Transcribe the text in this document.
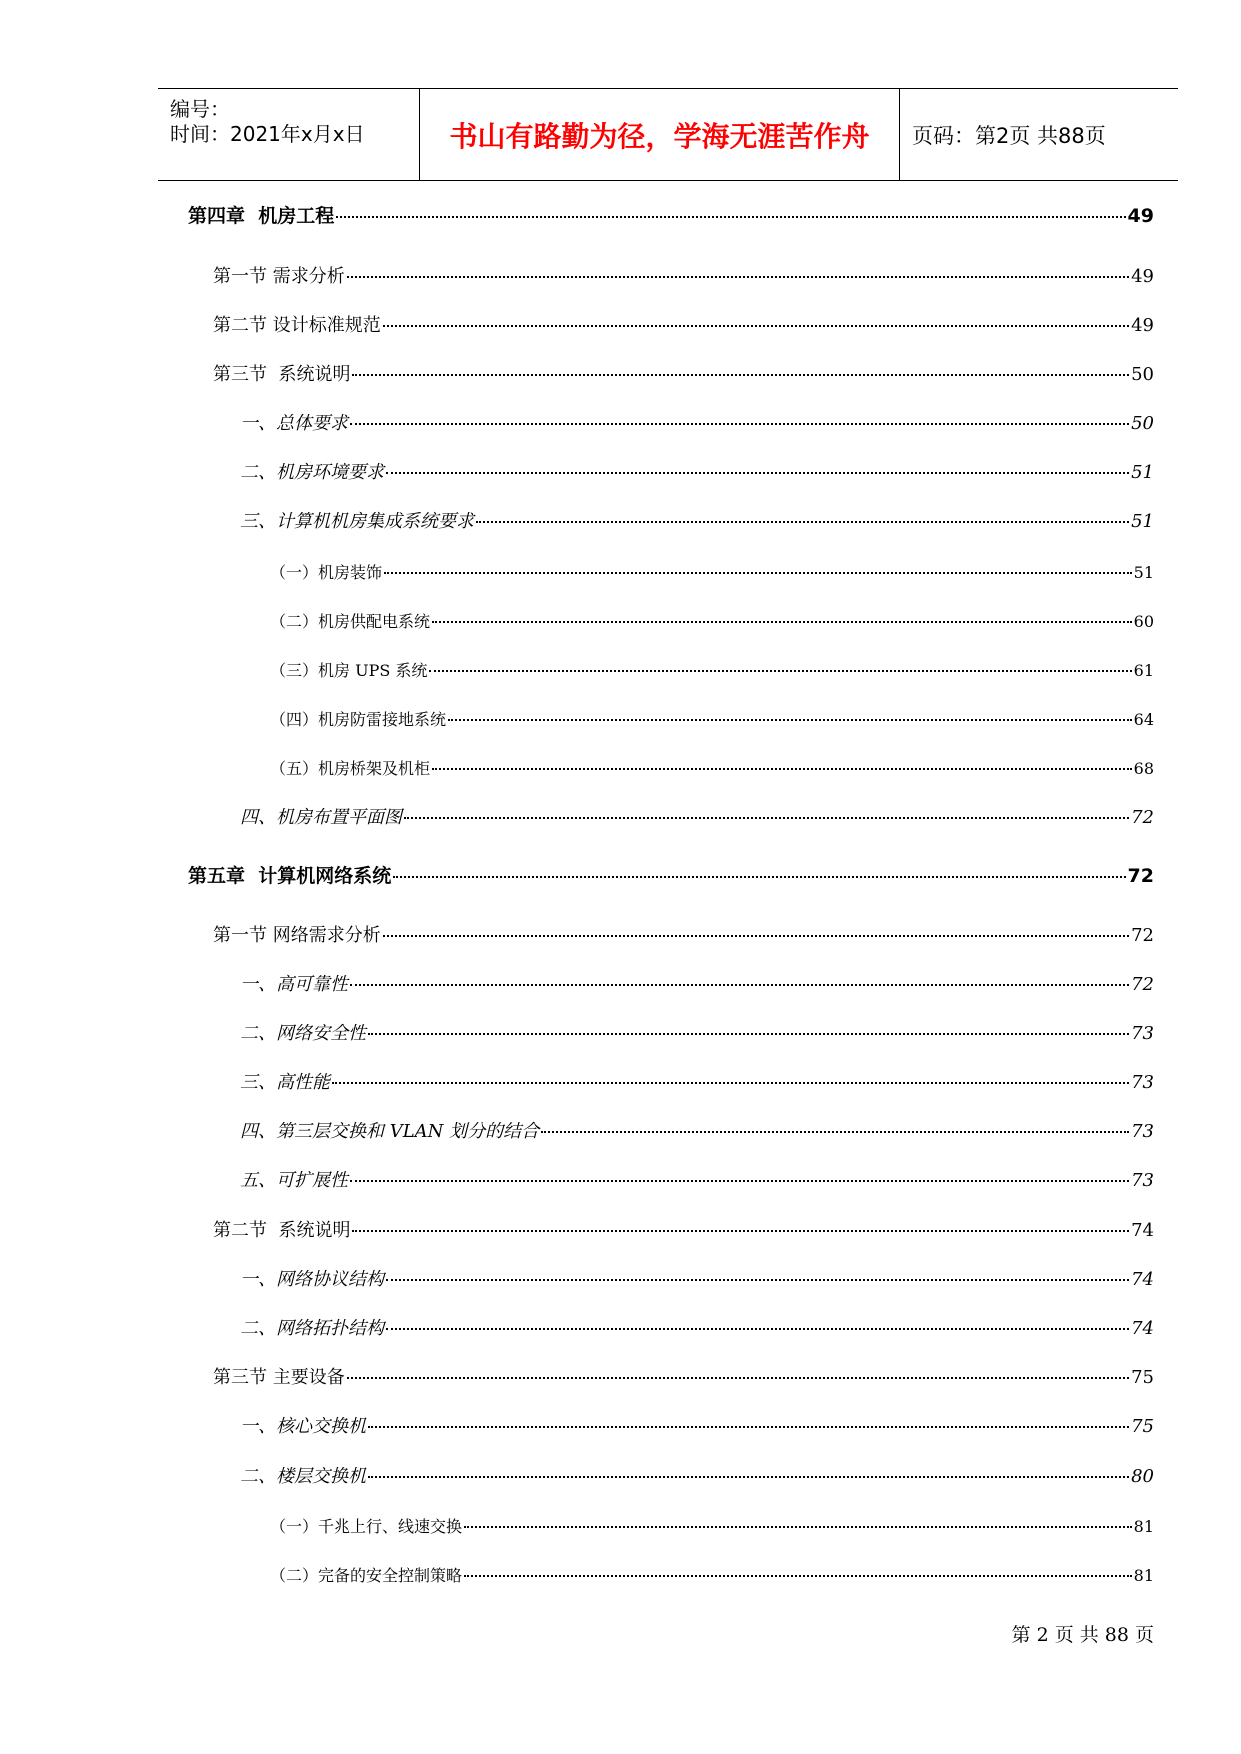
编号：
时间：2021年x月x日	书山有路勤为径，学海无涯苦作舟	页码：第2页 共88页
第四章  机房工程	49
第一节 需求分析	49
第二节 设计标准规范	49
第三节  系统说明	50
一、总体要求	50
二、机房环境要求	51
三、计算机机房集成系统要求	51
（一）机房装饰	51
（二）机房供配电系统	60
（三）机房 UPS 系统	61
（四）机房防雷接地系统	64
（五）机房桥架及机柜	68
四、机房布置平面图	72
第五章  计算机网络系统	72
第一节 网络需求分析	72
一、高可靠性	72
二、网络安全性	73
三、高性能	73
四、第三层交换和 VLAN 划分的结合	73
五、可扩展性	73
第二节  系统说明	74
一、网络协议结构	74
二、网络拓扑结构	74
第三节 主要设备	75
一、核心交换机	75
二、楼层交换机	80
（一）千兆上行、线速交换	81
（二）完备的安全控制策略	81
第 2 页 共 88 页
